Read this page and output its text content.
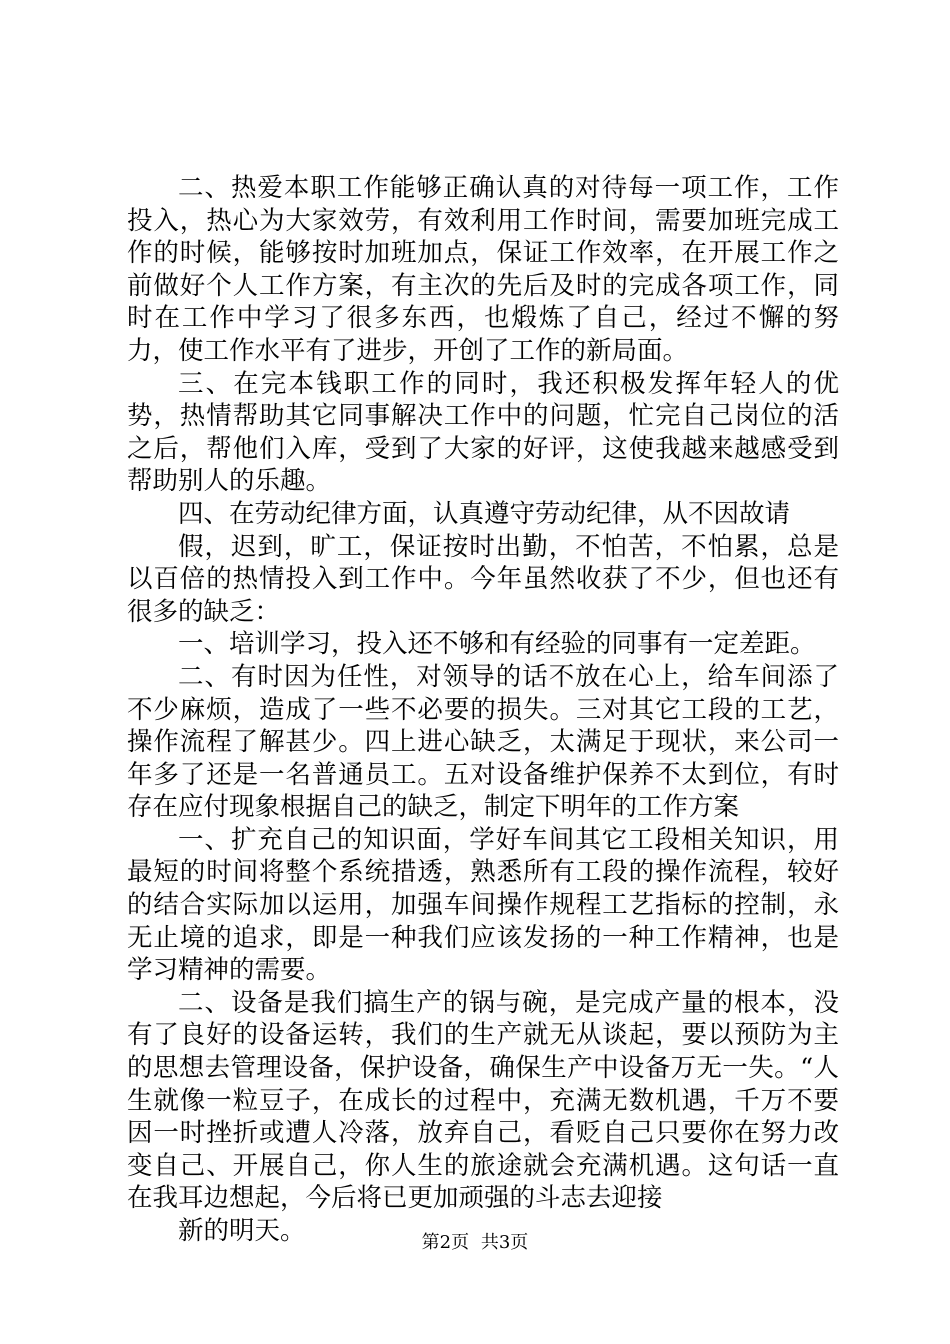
二、热爱本职工作能够正确认真的对待每一项工作，工作投入，热心为大家效劳，有效利用工作时间，需要加班完成工作的时候，能够按时加班加点，保证工作效率，在开展工作之前做好个人工作方案，有主次的先后及时的完成各项工作，同时在工作中学习了很多东西，也煅炼了自己，经过不懈的努力，使工作水平有了进步，开创了工作的新局面。

三、在完本钱职工作的同时，我还积极发挥年轻人的优势，热情帮助其它同事解决工作中的问题，忙完自己岗位的活之后，帮他们入库，受到了大家的好评，这使我越来越感受到帮助别人的乐趣。

四、在劳动纪律方面，认真遵守劳动纪律，从不因故请

假，迟到，旷工，保证按时出勤，不怕苦，不怕累，总是以百倍的热情投入到工作中。今年虽然收获了不少，但也还有很多的缺乏：

一、培训学习，投入还不够和有经验的同事有一定差距。

二、有时因为任性，对领导的话不放在心上，给车间添了不少麻烦，造成了一些不必要的损失。三对其它工段的工艺，操作流程了解甚少。四上进心缺乏，太满足于现状，来公司一年多了还是一名普通员工。五对设备维护保养不太到位，有时存在应付现象根据自己的缺乏，制定下明年的工作方案

一、扩充自己的知识面，学好车间其它工段相关知识，用最短的时间将整个系统措透，熟悉所有工段的操作流程，较好的结合实际加以运用，加强车间操作规程工艺指标的控制，永无止境的追求，即是一种我们应该发扬的一种工作精神，也是学习精神的需要。

二、设备是我们搞生产的锅与碗，是完成产量的根本，没有了良好的设备运转，我们的生产就无从谈起，要以预防为主的思想去管理设备，保护设备，确保生产中设备万无一失。“人生就像一粒豆子，在成长的过程中，充满无数机遇，千万不要因一时挫折或遭人冷落，放弃自己，看贬自己只要你在努力改变自己、开展自己，你人生的旅途就会充满机遇。这句话一直在我耳边想起，今后将已更加顽强的斗志去迎接

新的明天。	第2页 共3页
